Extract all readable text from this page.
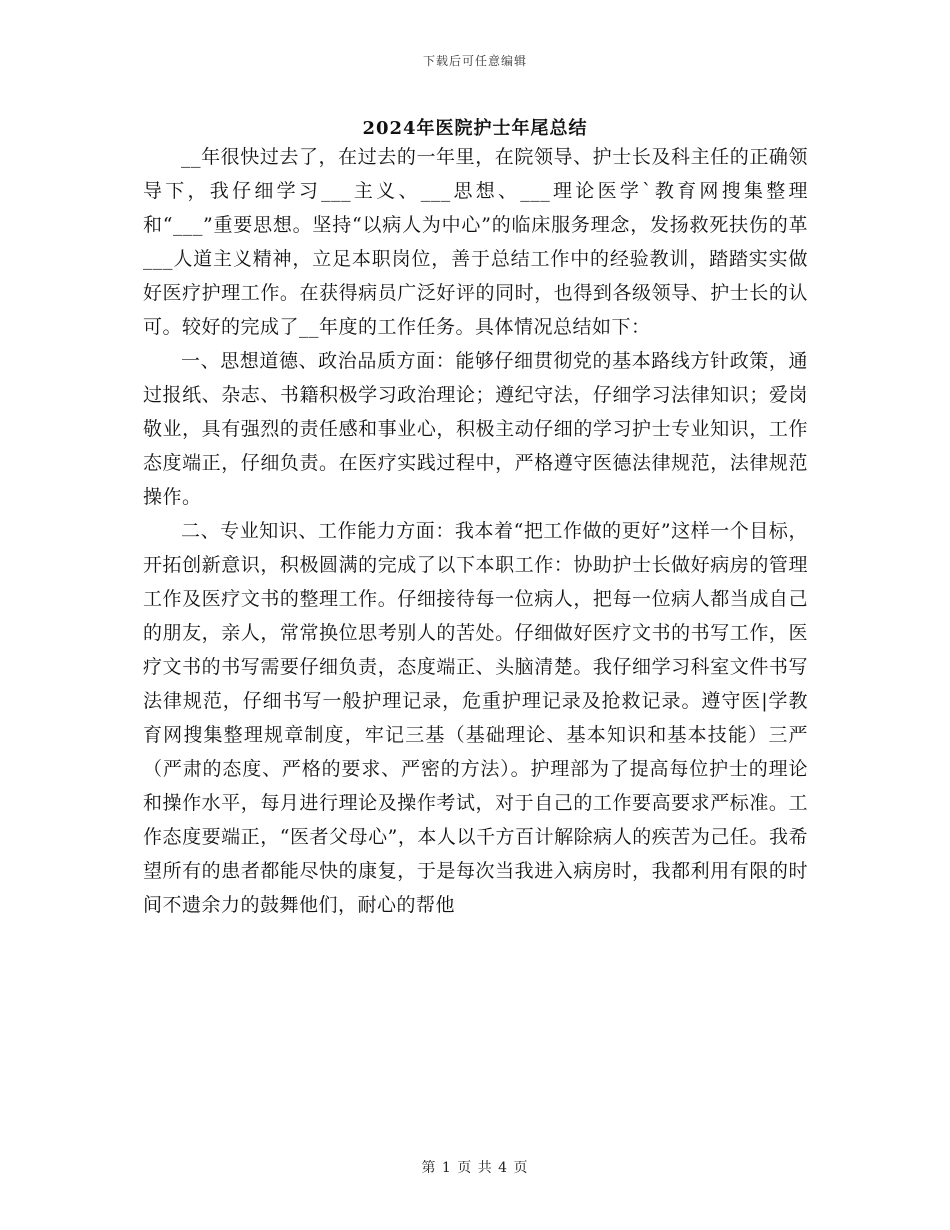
下载后可任意编辑
2024年医院护士年尾总结

__年很快过去了，在过去的一年里，在院领导、护士长及科主任的正确领导下，我仔细学习___主义、___思想、___理论医学`教育网搜集整理和“___”重要思想。坚持“以病人为中心”的临床服务理念，发扬救死扶伤的革___人道主义精神，立足本职岗位，善于总结工作中的经验教训，踏踏实实做好医疗护理工作。在获得病员广泛好评的同时，也得到各级领导、护士长的认可。较好的完成了__年度的工作任务。具体情况总结如下：

一、思想道德、政治品质方面：能够仔细贯彻党的基本路线方针政策，通过报纸、杂志、书籍积极学习政治理论；遵纪守法，仔细学习法律知识；爱岗敬业，具有强烈的责任感和事业心，积极主动仔细的学习护士专业知识，工作态度端正，仔细负责。在医疗实践过程中，严格遵守医德法律规范，法律规范操作。

二、专业知识、工作能力方面：我本着“把工作做的更好”这样一个目标，开拓创新意识，积极圆满的完成了以下本职工作：协助护士长做好病房的管理工作及医疗文书的整理工作。仔细接待每一位病人，把每一位病人都当成自己的朋友，亲人，常常换位思考别人的苦处。仔细做好医疗文书的书写工作，医疗文书的书写需要仔细负责，态度端正、头脑清楚。我仔细学习科室文件书写法律规范，仔细书写一般护理记录，危重护理记录及抢救记录。遵守医|学教育网搜集整理规章制度，牢记三基（基础理论、基本知识和基本技能）三严（严肃的态度、严格的要求、严密的方法）。护理部为了提高每位护士的理论和操作水平，每月进行理论及操作考试，对于自己的工作要高要求严标准。工作态度要端正，“医者父母心”，本人以千方百计解除病人的疾苦为己任。我希望所有的患者都能尽快的康复，于是每次当我进入病房时，我都利用有限的时间不遗余力的鼓舞他们，耐心的帮他

第 1 页 共 4 页
